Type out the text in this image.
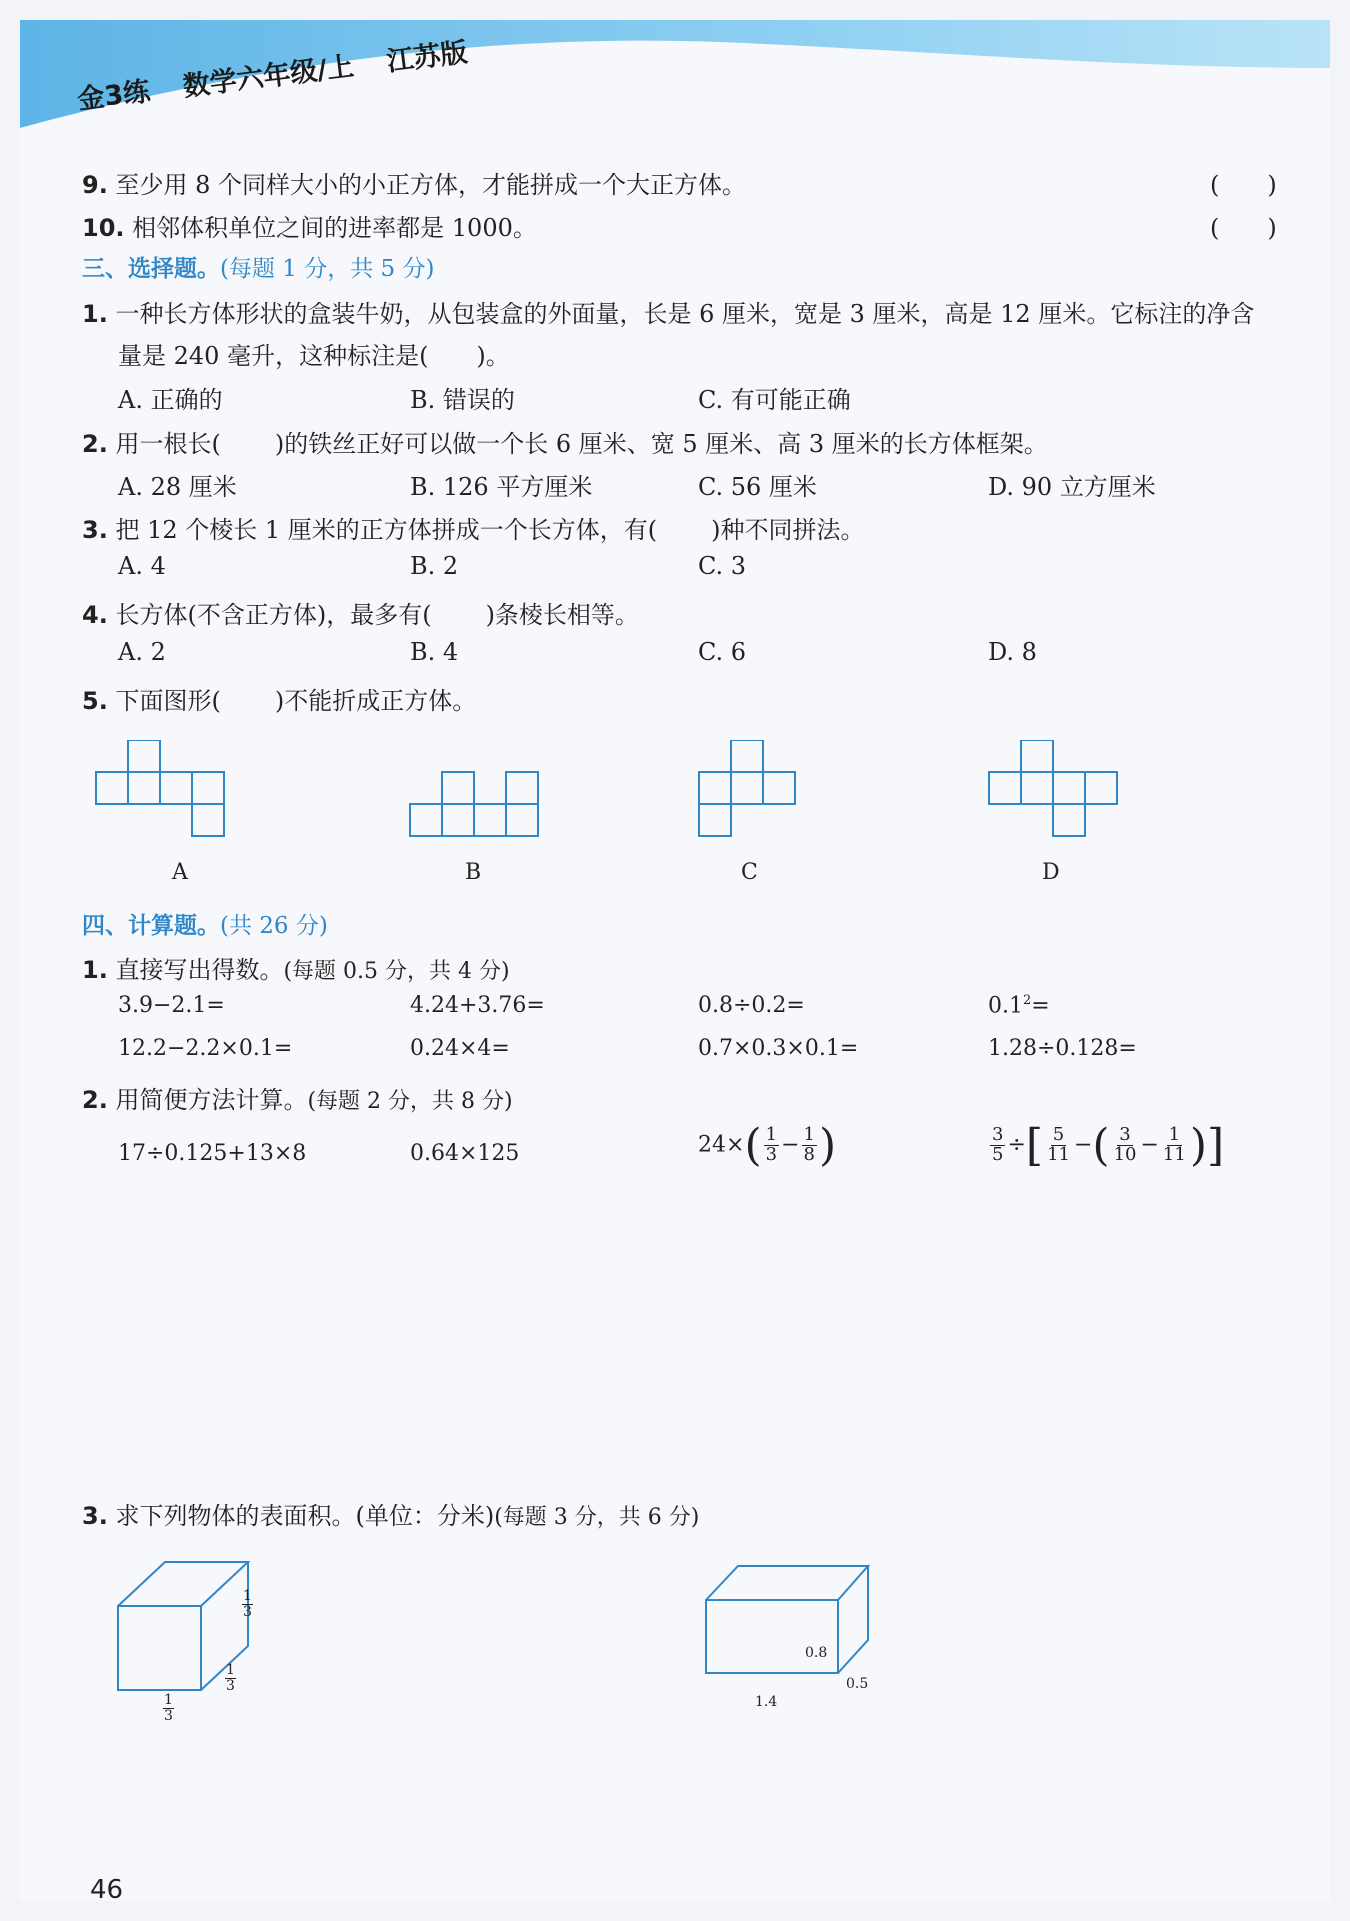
金3练 数学六年级/上 江苏版
9. 至少用 8 个同样大小的小正方体，才能拼成一个大正方体。	(　　)
10. 相邻体积单位之间的进率都是 1000。	(　　)
三、选择题。(每题 1 分，共 5 分)
1. 一种长方体形状的盒装牛奶，从包装盒的外面量，长是 6 厘米，宽是 3 厘米，高是 12 厘米。它标注的净含
量是 240 毫升，这种标注是(　　)。
A. 正确的	B. 错误的	C. 有可能正确
2. 用一根长( )的铁丝正好可以做一个长 6 厘米、宽 5 厘米、高 3 厘米的长方体框架。
A. 28 厘米	B. 126 平方厘米	C. 56 厘米	D. 90 立方厘米
3. 把 12 个棱长 1 厘米的正方体拼成一个长方体，有( )种不同拼法。
A. 4	B. 2	C. 3
4. 长方体(不含正方体)，最多有( )条棱长相等。
A. 2	B. 4	C. 6	D. 8
5. 下面图形( )不能折成正方体。
A	B	C	D
四、计算题。(共 26 分)
1. 直接写出得数。(每题 0.5 分，共 4 分)
3.9−2.1=	4.24+3.76=	0.8÷0.2=	$0.1^2=$
12.2−2.2×0.1=	0.24×4=	0.7×0.3×0.1=	1.28÷0.128=
2. 用简便方法计算。(每题 2 分，共 8 分)
17÷0.125+13×8	0.64×125	$24\times( \frac{1}{3} - \frac{1}{8}$ )	$\frac{3}{5}$ ÷[ $\frac{5}{11}$ −( $\frac{3}{10} - \frac{1}{11}$ )]
3. 求下列物体的表面积。(单位：分米)(每题 3 分，共 6 分)
$\frac{1}{3}$
$\frac{1}{3}$
$\frac{1}{3}$
0.8
0.5
1.4
46
